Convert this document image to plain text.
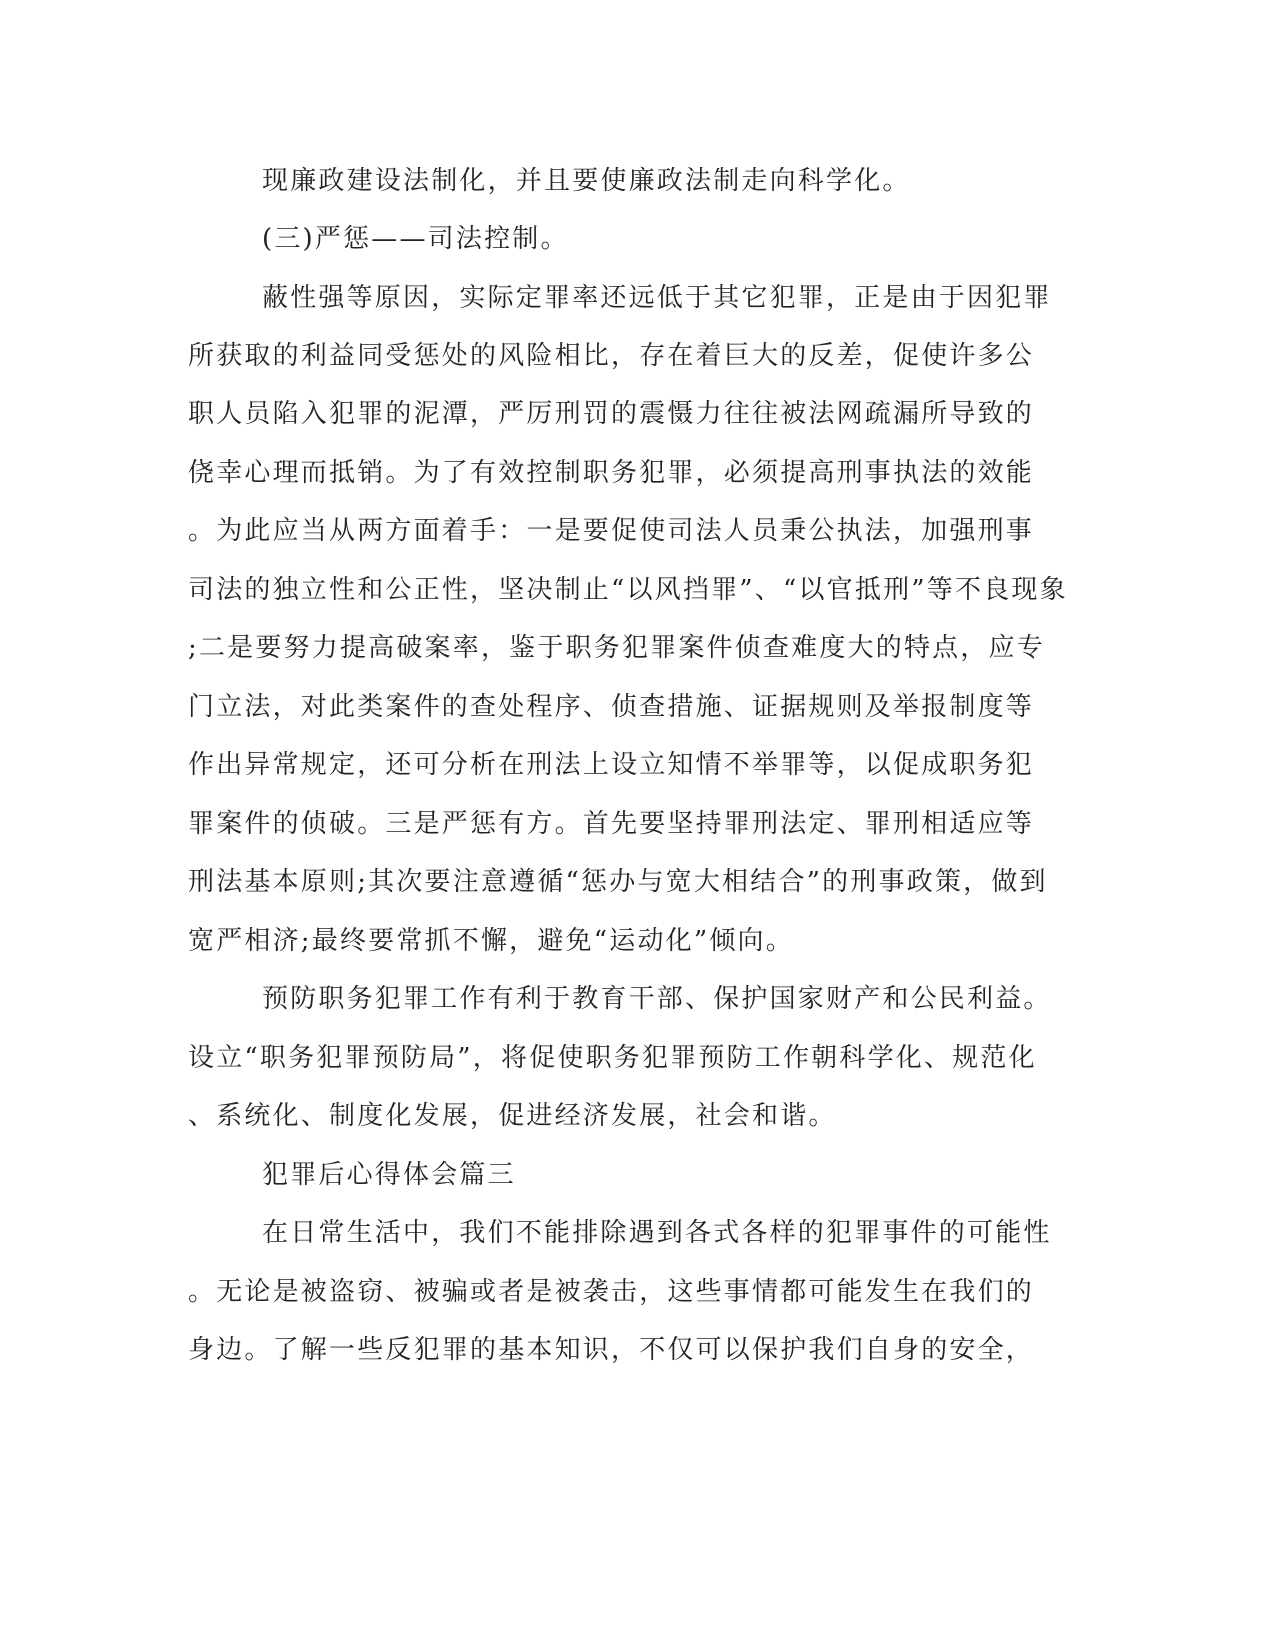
现廉政建设法制化，并且要使廉政法制走向科学化。
(三)严惩——司法控制。
蔽性强等原因，实际定罪率还远低于其它犯罪，正是由于因犯罪
所获取的利益同受惩处的风险相比，存在着巨大的反差，促使许多公
职人员陷入犯罪的泥潭，严厉刑罚的震慑力往往被法网疏漏所导致的
侥幸心理而抵销。为了有效控制职务犯罪，必须提高刑事执法的效能
。为此应当从两方面着手：一是要促使司法人员秉公执法，加强刑事
司法的独立性和公正性，坚决制止“以风挡罪”、“以官抵刑”等不良现象
;二是要努力提高破案率，鉴于职务犯罪案件侦查难度大的特点，应专
门立法，对此类案件的查处程序、侦查措施、证据规则及举报制度等
作出异常规定，还可分析在刑法上设立知情不举罪等，以促成职务犯
罪案件的侦破。三是严惩有方。首先要坚持罪刑法定、罪刑相适应等
刑法基本原则;其次要注意遵循“惩办与宽大相结合”的刑事政策，做到
宽严相济;最终要常抓不懈，避免“运动化”倾向。
预防职务犯罪工作有利于教育干部、保护国家财产和公民利益。
设立“职务犯罪预防局”，将促使职务犯罪预防工作朝科学化、规范化
、系统化、制度化发展，促进经济发展，社会和谐。
犯罪后心得体会篇三
在日常生活中，我们不能排除遇到各式各样的犯罪事件的可能性
。无论是被盗窃、被骗或者是被袭击，这些事情都可能发生在我们的
身边。了解一些反犯罪的基本知识，不仅可以保护我们自身的安全，
